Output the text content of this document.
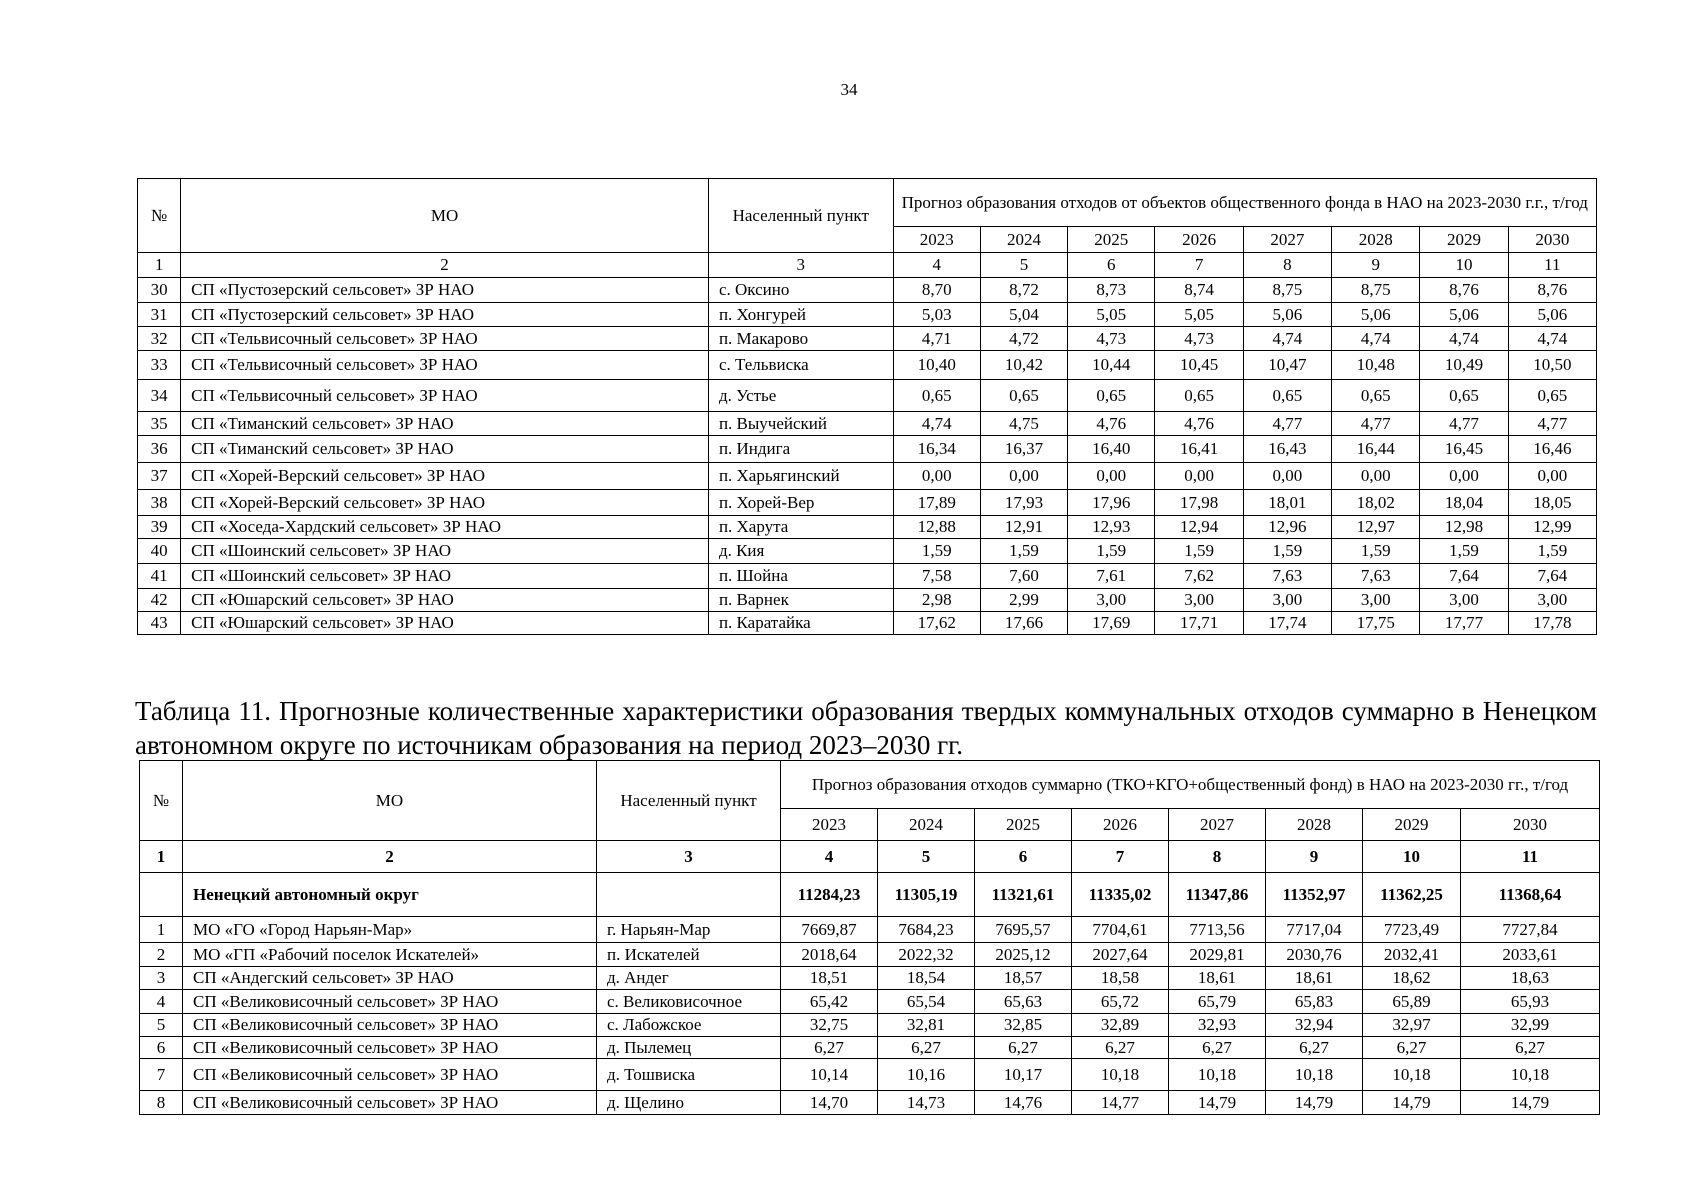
34
№	МО	Населенный пункт	Прогноз образования отходов от объектов общественного фонда в НАО на 2023-2030 г.г., т/год							
			2023	2024	2025	2026	2027	2028	2029	2030
1	2	3	4	5	6	7	8	9	10	11
30	СП «Пустозерский сельсовет» ЗР НАО	с. Оксино	8,70	8,72	8,73	8,74	8,75	8,75	8,76	8,76
31	СП «Пустозерский сельсовет» ЗР НАО	п. Хонгурей	5,03	5,04	5,05	5,05	5,06	5,06	5,06	5,06
32	СП «Тельвисочный сельсовет» ЗР НАО	п. Макарово	4,71	4,72	4,73	4,73	4,74	4,74	4,74	4,74
33	СП «Тельвисочный сельсовет» ЗР НАО	с. Тельвиска	10,40	10,42	10,44	10,45	10,47	10,48	10,49	10,50
34	СП «Тельвисочный сельсовет» ЗР НАО	д. Устье	0,65	0,65	0,65	0,65	0,65	0,65	0,65	0,65
35	СП «Тиманский сельсовет» ЗР НАО	п. Выучейский	4,74	4,75	4,76	4,76	4,77	4,77	4,77	4,77
36	СП «Тиманский сельсовет» ЗР НАО	п. Индига	16,34	16,37	16,40	16,41	16,43	16,44	16,45	16,46
37	СП «Хорей-Верский сельсовет» ЗР НАО	п. Харьягинский	0,00	0,00	0,00	0,00	0,00	0,00	0,00	0,00
38	СП «Хорей-Верский сельсовет» ЗР НАО	п. Хорей-Вер	17,89	17,93	17,96	17,98	18,01	18,02	18,04	18,05
39	СП «Хоседа-Хардский сельсовет» ЗР НАО	п. Харута	12,88	12,91	12,93	12,94	12,96	12,97	12,98	12,99
40	СП «Шоинский сельсовет» ЗР НАО	д. Кия	1,59	1,59	1,59	1,59	1,59	1,59	1,59	1,59
41	СП «Шоинский сельсовет» ЗР НАО	п. Шойна	7,58	7,60	7,61	7,62	7,63	7,63	7,64	7,64
42	СП «Юшарский сельсовет» ЗР НАО	п. Варнек	2,98	2,99	3,00	3,00	3,00	3,00	3,00	3,00
43	СП «Юшарский сельсовет» ЗР НАО	п. Каратайка	17,62	17,66	17,69	17,71	17,74	17,75	17,77	17,78
Таблица 11. Прогнозные количественные характеристики образования твердых коммунальных отходов суммарно в Ненецком автономном округе по источникам образования на период 2023–2030 гг.
№	МО	Населенный пункт	Прогноз образования отходов суммарно (ТКО+КГО+общественный фонд) в НАО на 2023-2030 гг., т/год							
			2023	2024	2025	2026	2027	2028	2029	2030
1	2	3	4	5	6	7	8	9	10	11
	Ненецкий автономный округ		11284,23	11305,19	11321,61	11335,02	11347,86	11352,97	11362,25	11368,64
1	МО «ГО «Город Нарьян-Мар»	г. Нарьян-Мар	7669,87	7684,23	7695,57	7704,61	7713,56	7717,04	7723,49	7727,84
2	МО «ГП «Рабочий поселок Искателей»	п. Искателей	2018,64	2022,32	2025,12	2027,64	2029,81	2030,76	2032,41	2033,61
3	СП «Андегский сельсовет» ЗР НАО	д. Андег	18,51	18,54	18,57	18,58	18,61	18,61	18,62	18,63
4	СП «Великовисочный сельсовет» ЗР НАО	с. Великовисочное	65,42	65,54	65,63	65,72	65,79	65,83	65,89	65,93
5	СП «Великовисочный сельсовет» ЗР НАО	с. Лабожское	32,75	32,81	32,85	32,89	32,93	32,94	32,97	32,99
6	СП «Великовисочный сельсовет» ЗР НАО	д. Пылемец	6,27	6,27	6,27	6,27	6,27	6,27	6,27	6,27
7	СП «Великовисочный сельсовет» ЗР НАО	д. Тошвиска	10,14	10,16	10,17	10,18	10,18	10,18	10,18	10,18
8	СП «Великовисочный сельсовет» ЗР НАО	д. Щелино	14,70	14,73	14,76	14,77	14,79	14,79	14,79	14,79
